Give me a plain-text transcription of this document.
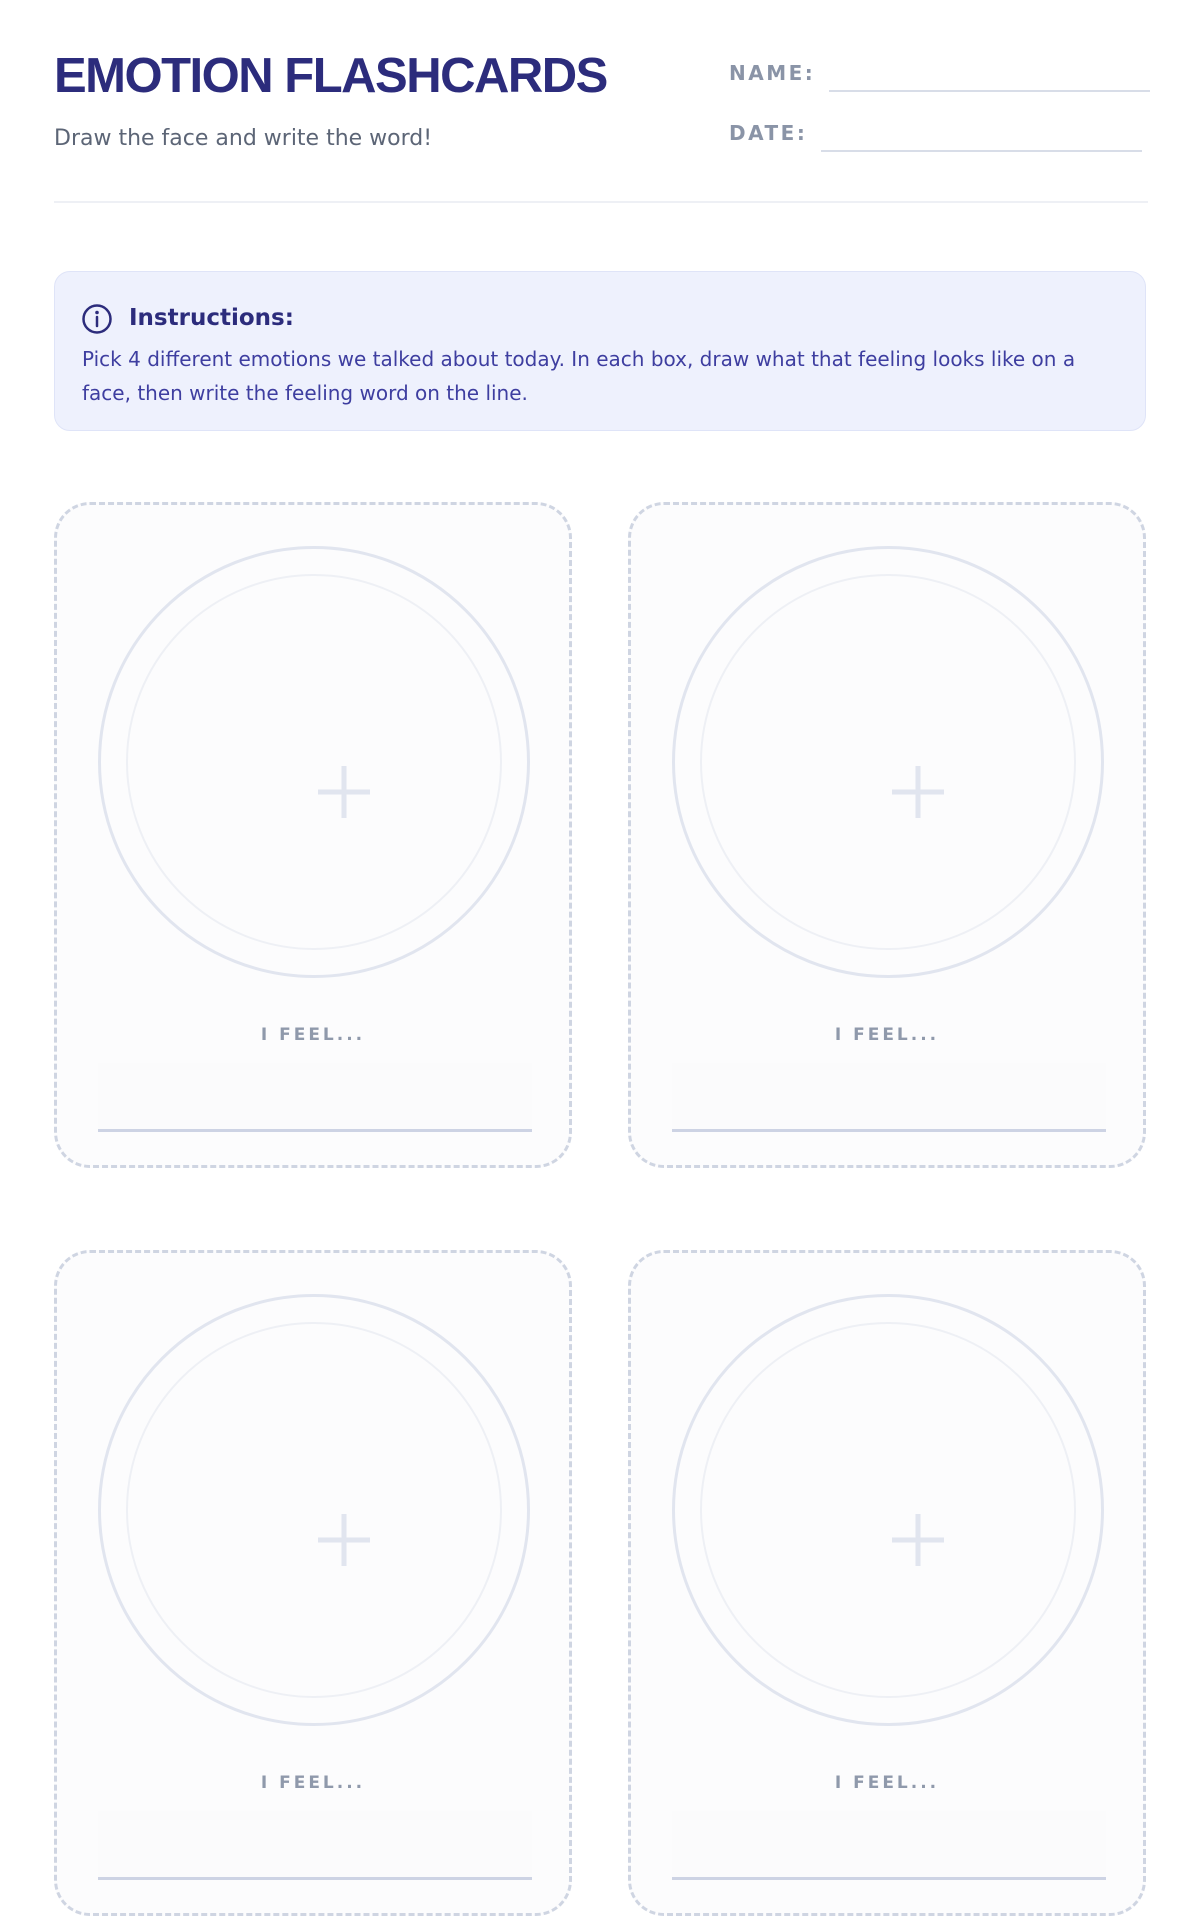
EMOTION FLASHCARDS
Draw the face and write the word!
NAME:
DATE:
Instructions:
Pick 4 different emotions we talked about today. In each box, draw what that feeling looks like on a face, then write the feeling word on the line.
I FEEL...	I FEEL...
I FEEL...	I FEEL...
